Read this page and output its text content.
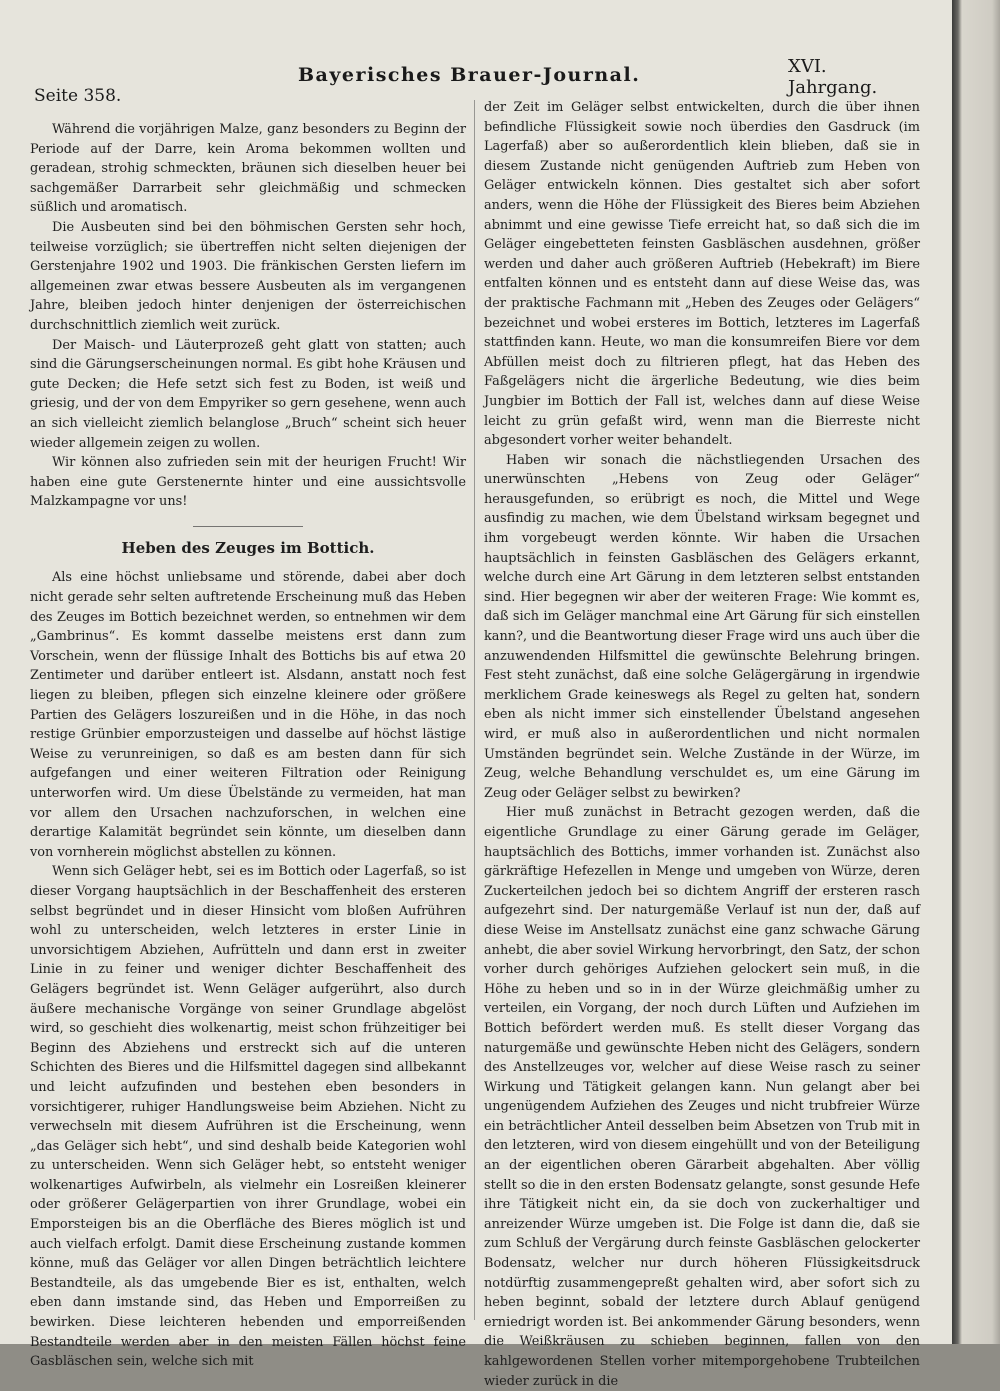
Seite 358.
Bayerisches Brauer-Journal.	XVI. Jahrgang.

Während die vorjährigen Malze, ganz besonders zu Beginn der Periode auf der Darre, kein Aroma bekommen wollten und geradean, strohig schmeckten, bräunen sich dieselben heuer bei sachgemäßer Darrarbeit sehr gleichmäßig und schmecken süßlich und aromatisch.

Die Ausbeuten sind bei den böhmischen Gersten sehr hoch, teilweise vorzüglich; sie übertreffen nicht selten diejenigen der Gerstenjahre 1902 und 1903. Die fränkischen Gersten liefern im allgemeinen zwar etwas bessere Ausbeuten als im vergangenen Jahre, bleiben jedoch hinter denjenigen der österreichischen durchschnittlich ziemlich weit zurück.

Der Maisch- und Läuterprozeß geht glatt von statten; auch sind die Gärungserscheinungen normal. Es gibt hohe Kräusen und gute Decken; die Hefe setzt sich fest zu Boden, ist weiß und griesig, und der von dem Empyriker so gern gesehene, wenn auch an sich vielleicht ziemlich belanglose „Bruch“ scheint sich heuer wieder allgemein zeigen zu wollen.

Wir können also zufrieden sein mit der heurigen Frucht! Wir haben eine gute Gerstenernte hinter und eine aussichtsvolle Malzkampagne vor uns!

Heben des Zeuges im Bottich.

Als eine höchst unliebsame und störende, dabei aber doch nicht gerade sehr selten auftretende Erscheinung muß das Heben des Zeuges im Bottich bezeichnet werden, so entnehmen wir dem „Gambrinus“. Es kommt dasselbe meistens erst dann zum Vorschein, wenn der flüssige Inhalt des Bottichs bis auf etwa 20 Zentimeter und darüber entleert ist. Alsdann, anstatt noch fest liegen zu bleiben, pflegen sich einzelne kleinere oder größere Partien des Gelägers loszureißen und in die Höhe, in das noch restige Grünbier emporzusteigen und dasselbe auf höchst lästige Weise zu verunreinigen, so daß es am besten dann für sich aufgefangen und einer weiteren Filtration oder Reinigung unterworfen wird. Um diese Übelstände zu vermeiden, hat man vor allem den Ursachen nachzuforschen, in welchen eine derartige Kalamität begründet sein könnte, um dieselben dann von vornherein möglichst abstellen zu können.

Wenn sich Geläger hebt, sei es im Bottich oder Lagerfaß, so ist dieser Vorgang hauptsächlich in der Beschaffenheit des ersteren selbst begründet und in dieser Hinsicht vom bloßen Aufrühren wohl zu unterscheiden, welch letzteres in erster Linie in unvorsichtigem Abziehen, Aufrütteln und dann erst in zweiter Linie in zu feiner und weniger dichter Beschaffenheit des Gelägers begründet ist. Wenn Geläger aufgerührt, also durch äußere mechanische Vorgänge von seiner Grundlage abgelöst wird, so geschieht dies wolkenartig, meist schon frühzeitiger bei Beginn des Abziehens und erstreckt sich auf die unteren Schichten des Bieres und die Hilfsmittel dagegen sind allbekannt und leicht aufzufinden und bestehen eben besonders in vorsichtigerer, ruhiger Handlungsweise beim Abziehen. Nicht zu verwechseln mit diesem Aufrühren ist die Erscheinung, wenn „das Geläger sich hebt“, und sind deshalb beide Kategorien wohl zu unterscheiden. Wenn sich Geläger hebt, so entsteht weniger wolkenartiges Aufwirbeln, als vielmehr ein Losreißen kleinerer oder größerer Gelägerpartien von ihrer Grundlage, wobei ein Emporsteigen bis an die Oberfläche des Bieres möglich ist und auch vielfach erfolgt. Damit diese Erscheinung zustande kommen könne, muß das Geläger vor allen Dingen beträchtlich leichtere Bestandteile, als das umgebende Bier es ist, enthalten, welch eben dann imstande sind, das Heben und Emporreißen zu bewirken. Diese leichteren hebenden und emporreißenden Bestandteile werden aber in den meisten Fällen höchst feine Gasbläschen sein, welche sich mit

der Zeit im Geläger selbst entwickelten, durch die über ihnen befindliche Flüssigkeit sowie noch überdies den Gasdruck (im Lagerfaß) aber so außerordentlich klein blieben, daß sie in diesem Zustande nicht genügenden Auftrieb zum Heben von Geläger entwickeln können. Dies gestaltet sich aber sofort anders, wenn die Höhe der Flüssigkeit des Bieres beim Abziehen abnimmt und eine gewisse Tiefe erreicht hat, so daß sich die im Geläger eingebetteten feinsten Gasbläschen ausdehnen, größer werden und daher auch größeren Auftrieb (Hebekraft) im Biere entfalten können und es entsteht dann auf diese Weise das, was der praktische Fachmann mit „Heben des Zeuges oder Gelägers“ bezeichnet und wobei ersteres im Bottich, letzteres im Lagerfaß stattfinden kann. Heute, wo man die konsumreifen Biere vor dem Abfüllen meist doch zu filtrieren pflegt, hat das Heben des Faßgelägers nicht die ärgerliche Bedeutung, wie dies beim Jungbier im Bottich der Fall ist, welches dann auf diese Weise leicht zu grün gefaßt wird, wenn man die Bierreste nicht abgesondert vorher weiter behandelt.

Haben wir sonach die nächstliegenden Ursachen des unerwünschten „Hebens von Zeug oder Geläger“ herausgefunden, so erübrigt es noch, die Mittel und Wege ausfindig zu machen, wie dem Übelstand wirksam begegnet und ihm vorgebeugt werden könnte. Wir haben die Ursachen hauptsächlich in feinsten Gasbläschen des Gelägers erkannt, welche durch eine Art Gärung in dem letzteren selbst entstanden sind. Hier begegnen wir aber der weiteren Frage: Wie kommt es, daß sich im Geläger manchmal eine Art Gärung für sich einstellen kann?, und die Beantwortung dieser Frage wird uns auch über die anzuwendenden Hilfsmittel die gewünschte Belehrung bringen. Fest steht zunächst, daß eine solche Gelägergärung in irgendwie merklichem Grade keineswegs als Regel zu gelten hat, sondern eben als nicht immer sich einstellender Übelstand angesehen wird, er muß also in außerordentlichen und nicht normalen Umständen begründet sein. Welche Zustände in der Würze, im Zeug, welche Behandlung verschuldet es, um eine Gärung im Zeug oder Geläger selbst zu bewirken?

Hier muß zunächst in Betracht gezogen werden, daß die eigentliche Grundlage zu einer Gärung gerade im Geläger, hauptsächlich des Bottichs, immer vorhanden ist. Zunächst also gärkräftige Hefezellen in Menge und umgeben von Würze, deren Zuckerteilchen jedoch bei so dichtem Angriff der ersteren rasch aufgezehrt sind. Der naturgemäße Verlauf ist nun der, daß auf diese Weise im Anstellsatz zunächst eine ganz schwache Gärung anhebt, die aber soviel Wirkung hervorbringt, den Satz, der schon vorher durch gehöriges Aufziehen gelockert sein muß, in die Höhe zu heben und so in in der Würze gleichmäßig umher zu verteilen, ein Vorgang, der noch durch Lüften und Aufziehen im Bottich befördert werden muß. Es stellt dieser Vorgang das naturgemäße und gewünschte Heben nicht des Gelägers, sondern des Anstellzeuges vor, welcher auf diese Weise rasch zu seiner Wirkung und Tätigkeit gelangen kann. Nun gelangt aber bei ungenügendem Aufziehen des Zeuges und nicht trubfreier Würze ein beträchtlicher Anteil desselben beim Absetzen von Trub mit in den letzteren, wird von diesem eingehüllt und von der Beteiligung an der eigentlichen oberen Gärarbeit abgehalten. Aber völlig stellt so die in den ersten Bodensatz gelangte, sonst gesunde Hefe ihre Tätigkeit nicht ein, da sie doch von zuckerhaltiger und anreizender Würze umgeben ist. Die Folge ist dann die, daß sie zum Schluß der Vergärung durch feinste Gasbläschen gelockerter Bodensatz, welcher nur durch höheren Flüssigkeitsdruck notdürftig zusammengepreßt gehalten wird, aber sofort sich zu heben beginnt, sobald der letztere durch Ablauf genügend erniedrigt worden ist. Bei ankommender Gärung besonders, wenn die Weißkräusen zu schieben beginnen, fallen von den kahlgewordenen Stellen vorher mitemporgehobene Trubteilchen wieder zurück in die
